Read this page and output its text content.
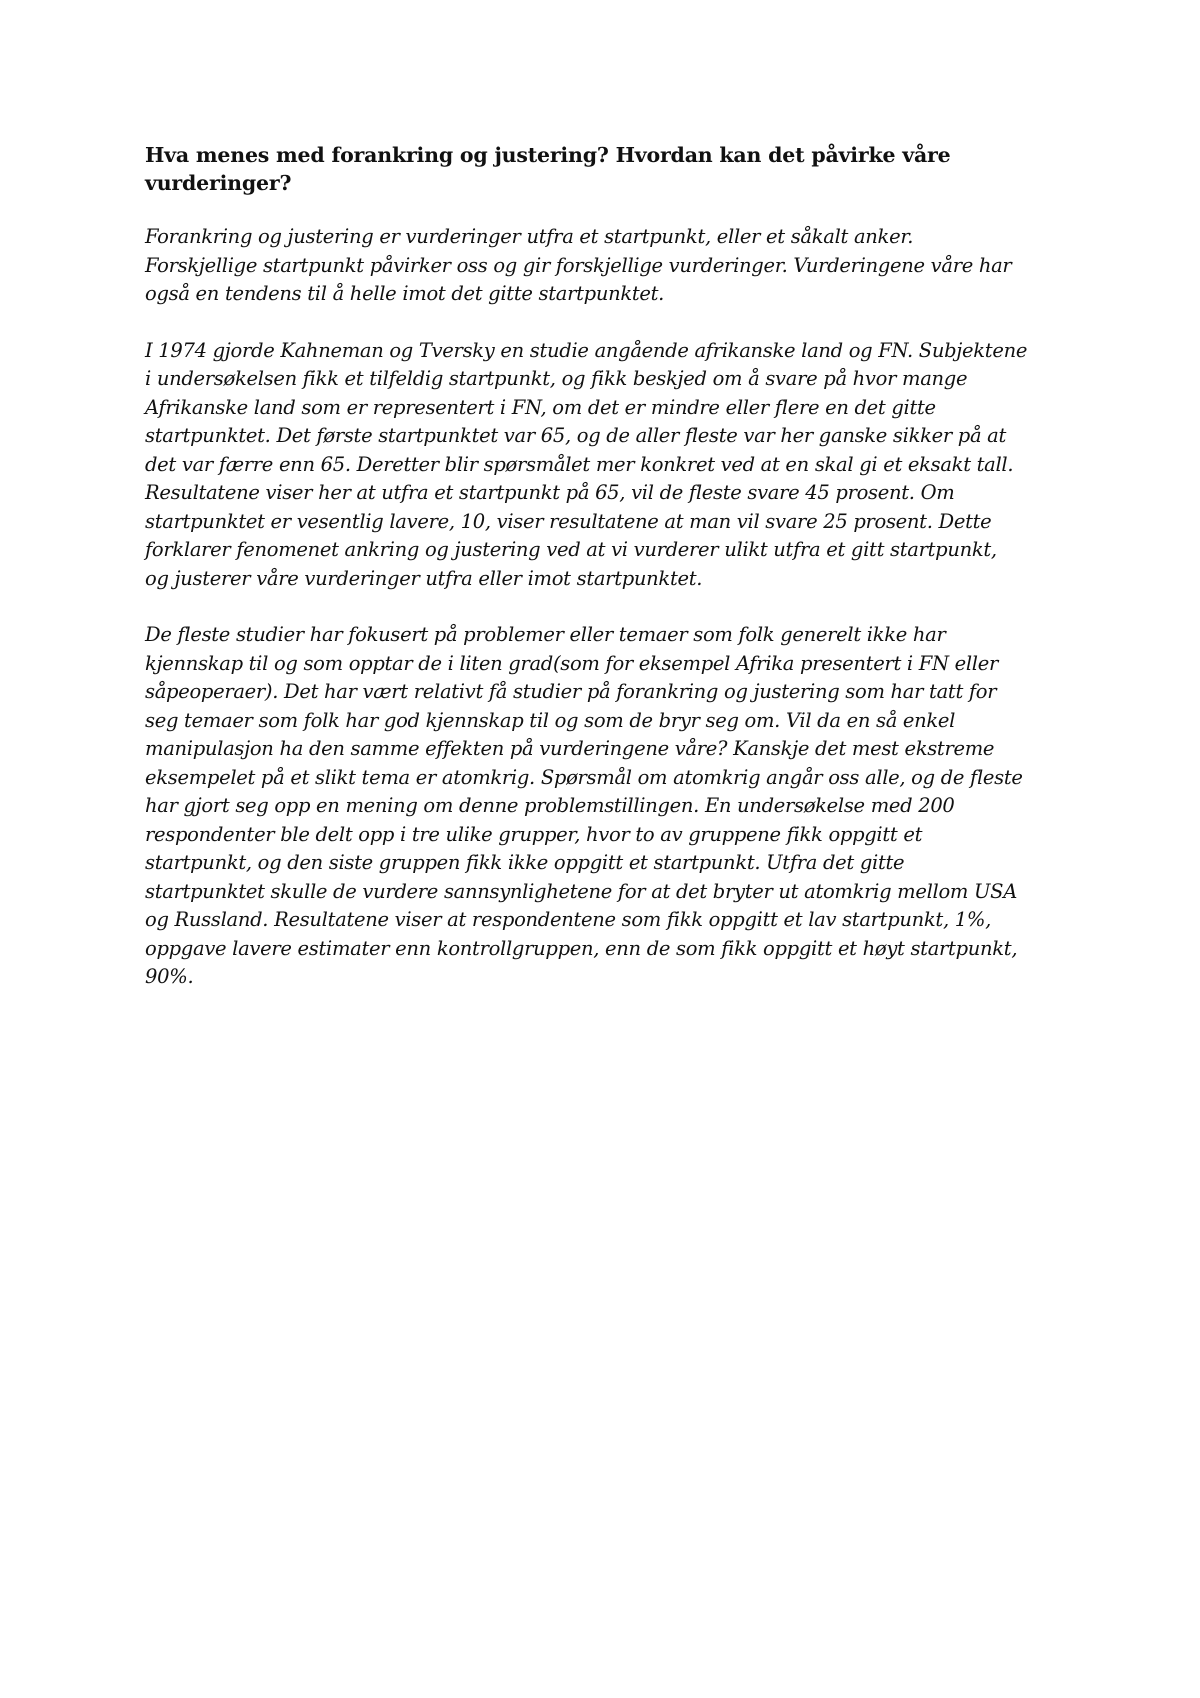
Hva menes med forankring og justering? Hvordan kan det påvirke våre
vurderinger?
Forankring og justering er vurderinger utfra et startpunkt, eller et såkalt anker.
Forskjellige startpunkt påvirker oss og gir forskjellige vurderinger. Vurderingene våre har
også en tendens til å helle imot det gitte startpunktet.
I 1974 gjorde Kahneman og Tversky en studie angående afrikanske land og FN. Subjektene
i undersøkelsen fikk et tilfeldig startpunkt, og fikk beskjed om å svare på hvor mange
Afrikanske land som er representert i FN, om det er mindre eller flere en det gitte
startpunktet. Det første startpunktet var 65, og de aller fleste var her ganske sikker på at
det var færre enn 65. Deretter blir spørsmålet mer konkret ved at en skal gi et eksakt tall.
Resultatene viser her at utfra et startpunkt på 65, vil de fleste svare 45 prosent. Om
startpunktet er vesentlig lavere, 10, viser resultatene at man vil svare 25 prosent. Dette
forklarer fenomenet ankring og justering ved at vi vurderer ulikt utfra et gitt startpunkt,
og justerer våre vurderinger utfra eller imot startpunktet.
De fleste studier har fokusert på problemer eller temaer som folk generelt ikke har
kjennskap til og som opptar de i liten grad(som for eksempel Afrika presentert i FN eller
såpeoperaer). Det har vært relativt få studier på forankring og justering som har tatt for
seg temaer som folk har god kjennskap til og som de bryr seg om. Vil da en så enkel
manipulasjon ha den samme effekten på vurderingene våre? Kanskje det mest ekstreme
eksempelet på et slikt tema er atomkrig. Spørsmål om atomkrig angår oss alle, og de fleste
har gjort seg opp en mening om denne problemstillingen. En undersøkelse med 200
respondenter ble delt opp i tre ulike grupper, hvor to av gruppene fikk oppgitt et
startpunkt, og den siste gruppen fikk ikke oppgitt et startpunkt. Utfra det gitte
startpunktet skulle de vurdere sannsynlighetene for at det bryter ut atomkrig mellom USA
og Russland. Resultatene viser at respondentene som fikk oppgitt et lav startpunkt, 1%,
oppgave lavere estimater enn kontrollgruppen, enn de som fikk oppgitt et høyt startpunkt,
90%.
